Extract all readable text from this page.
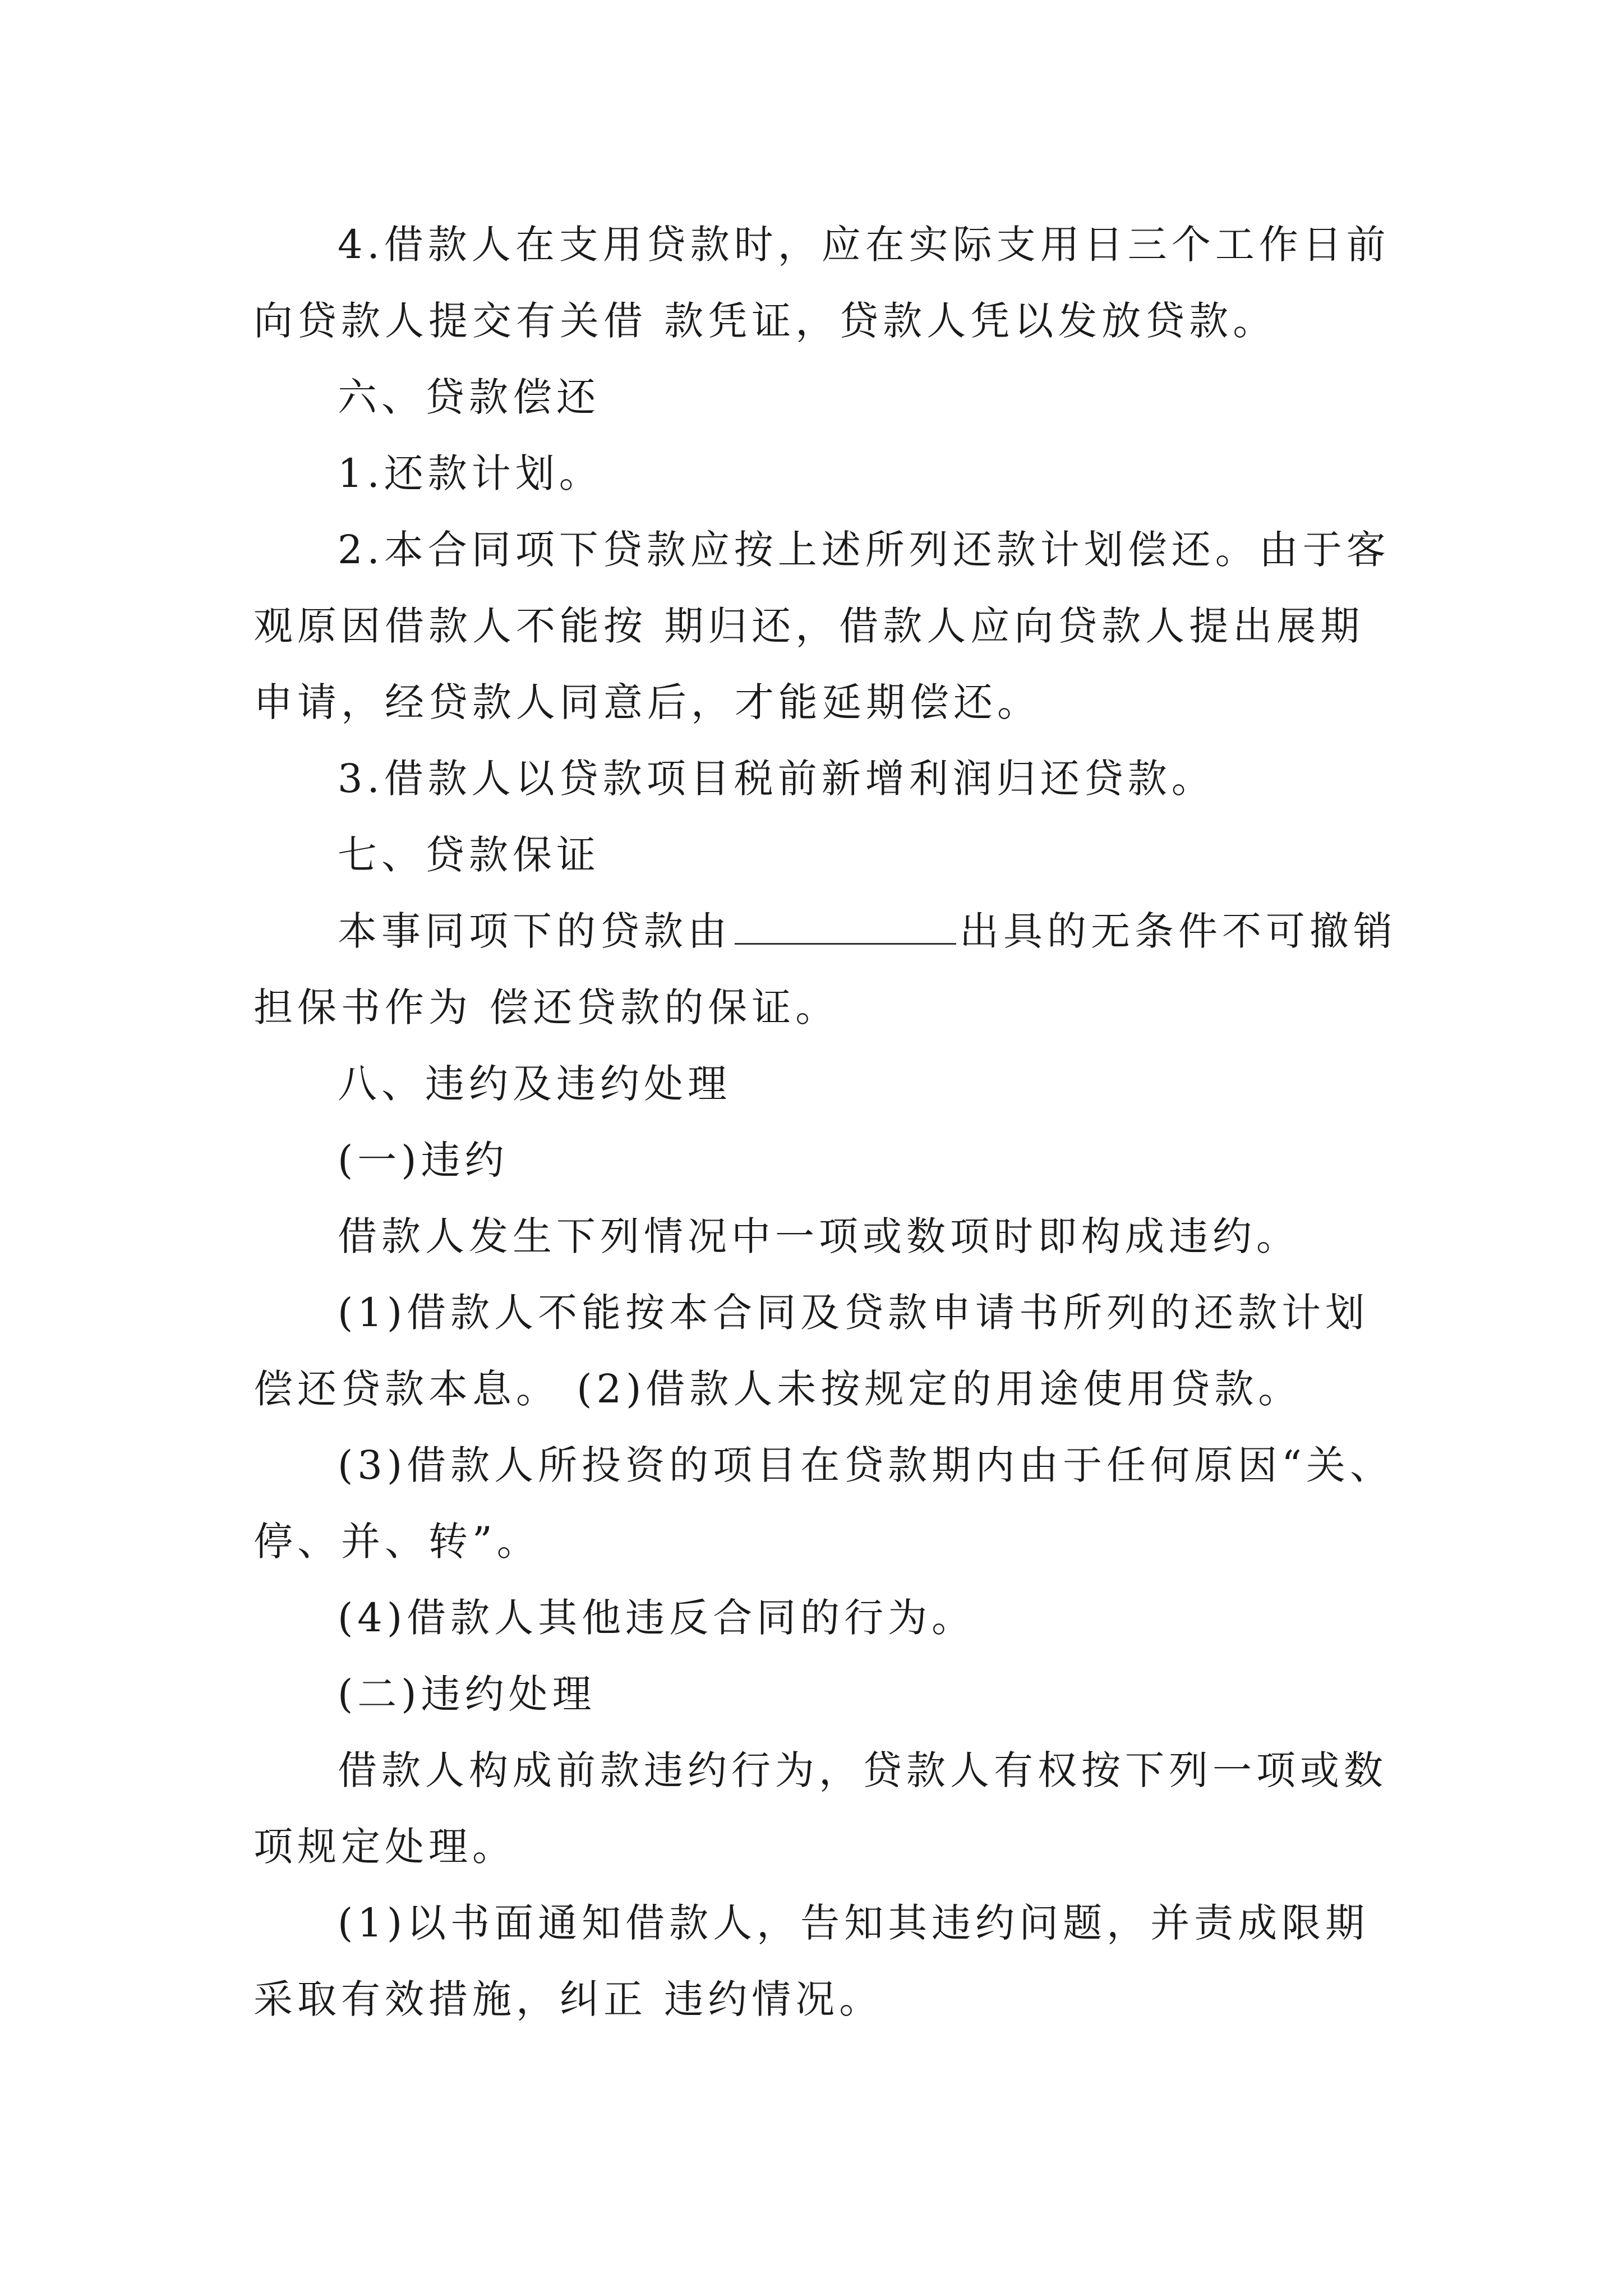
4.借款人在支用贷款时，应在实际支用日三个工作日前
向贷款人提交有关借 款凭证，贷款人凭以发放贷款。
六、贷款偿还
1.还款计划。
2.本合同项下贷款应按上述所列还款计划偿还。由于客
观原因借款人不能按 期归还，借款人应向贷款人提出展期
申请，经贷款人同意后，才能延期偿还。
3.借款人以贷款项目税前新增利润归还贷款。
七、贷款保证
本事同项下的贷款由	出具的无条件不可撤销
担保书作为 偿还贷款的保证。
八、违约及违约处理
(一)违约
借款人发生下列情况中一项或数项时即构成违约。
(1)借款人不能按本合同及贷款申请书所列的还款计划
偿还贷款本息。 (2)借款人未按规定的用途使用贷款。
(3)借款人所投资的项目在贷款期内由于任何原因“关、
停、并、转”。
(4)借款人其他违反合同的行为。
(二)违约处理
借款人构成前款违约行为，贷款人有权按下列一项或数
项规定处理。
(1)以书面通知借款人，告知其违约问题，并责成限期
采取有效措施，纠正 违约情况。
